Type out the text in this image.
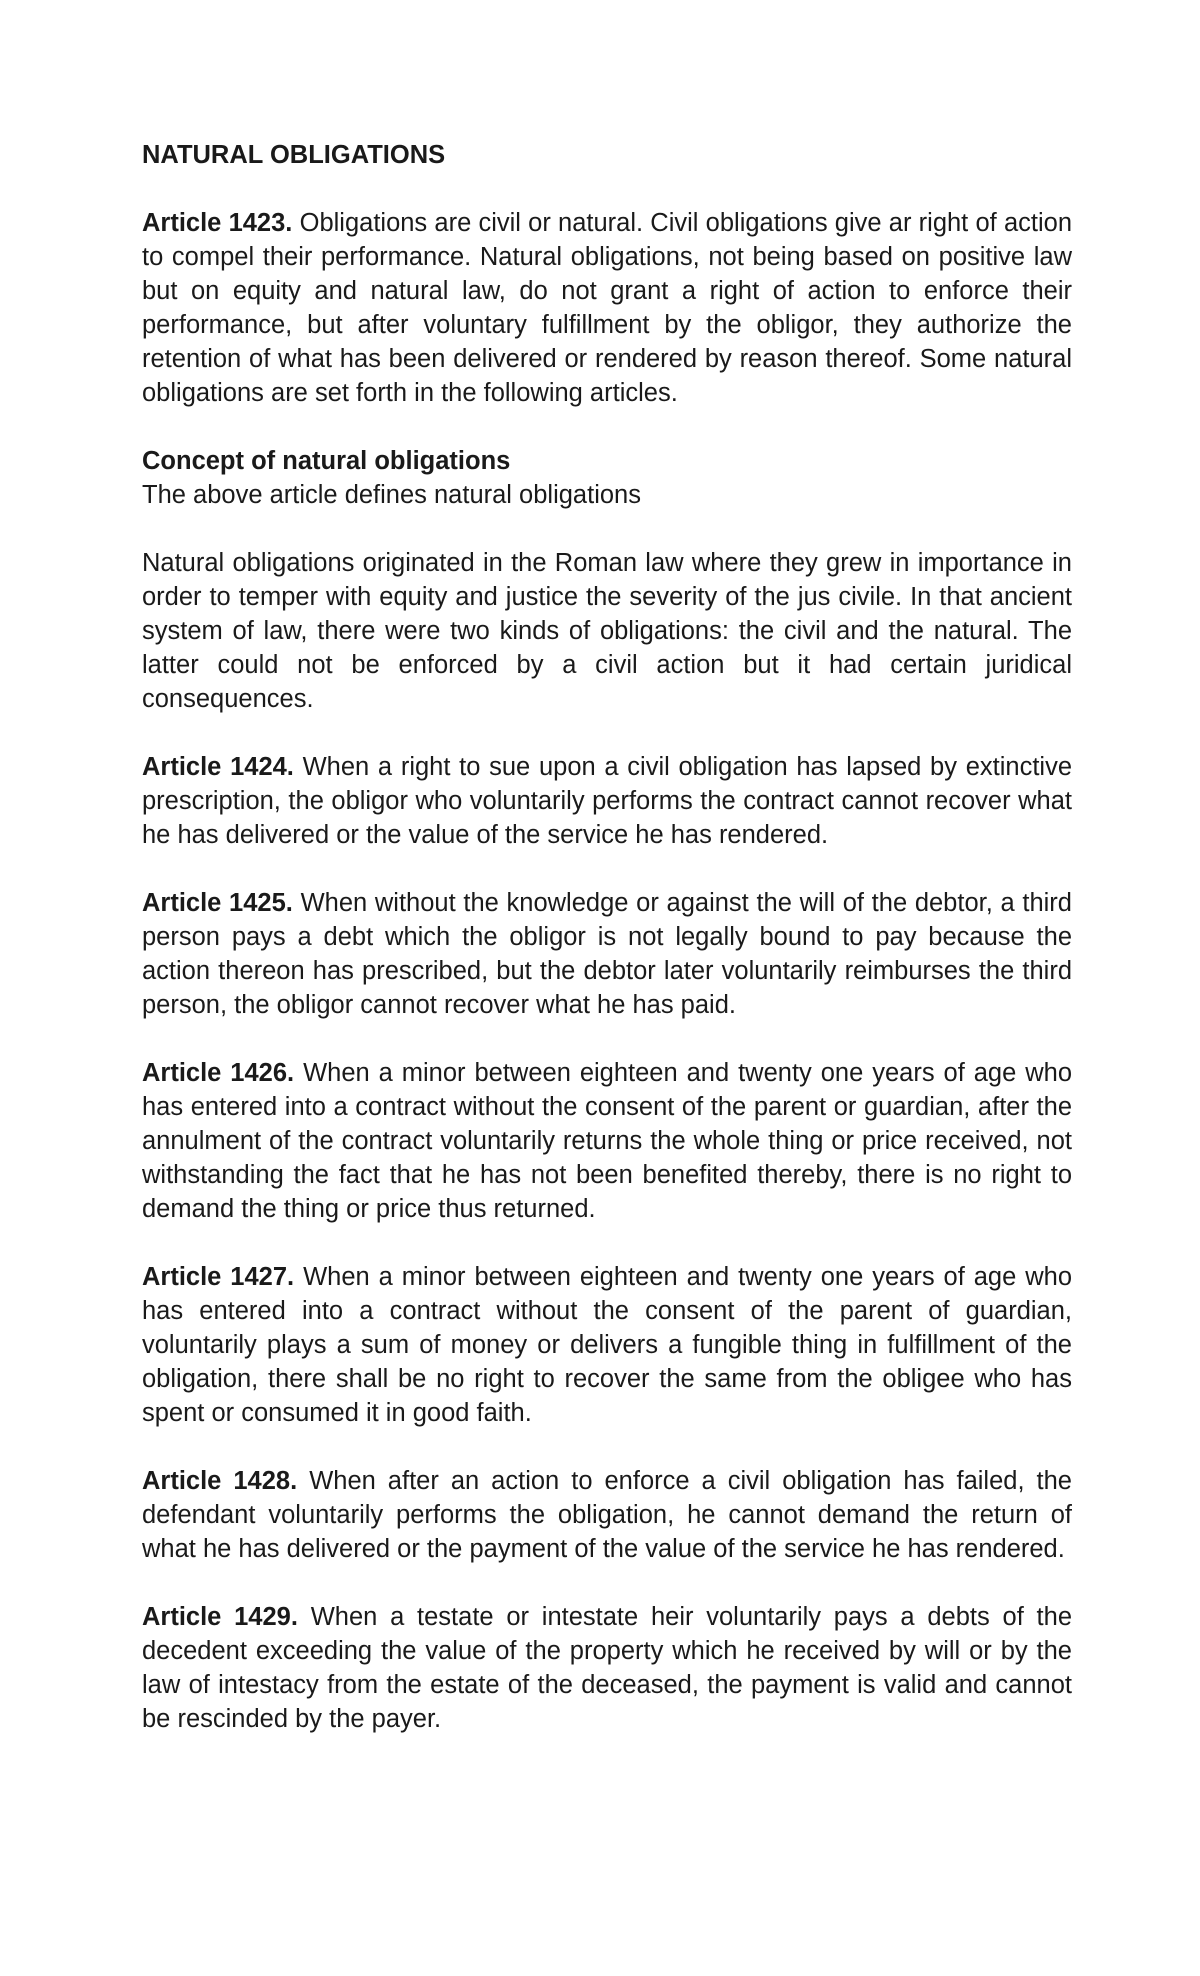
NATURAL OBLIGATIONS

Article 1423. Obligations are civil or natural. Civil obligations give ar right of action to compel their performance. Natural obligations, not being based on positive law but on equity and natural law, do not grant a right of action to enforce their performance, but after voluntary fulfillment by the obligor, they authorize the retention of what has been delivered or rendered by reason thereof. Some natural obligations are set forth in the following articles.

Concept of natural obligations
The above article defines natural obligations

Natural obligations originated in the Roman law where they grew in importance in order to temper with equity and justice the severity of the jus civile. In that ancient system of law, there were two kinds of obligations: the civil and the natural. The latter could not be enforced by a civil action but it had certain juridical consequences.

Article 1424. When a right to sue upon a civil obligation has lapsed by extinctive prescription, the obligor who voluntarily performs the contract cannot recover what he has delivered or the value of the service he has rendered.

Article 1425. When without the knowledge or against the will of the debtor, a third person pays a debt which the obligor is not legally bound to pay because the action thereon has prescribed, but the debtor later voluntarily reimburses the third person, the obligor cannot recover what he has paid.

Article 1426. When a minor between eighteen and twenty one years of age who has entered into a contract without the consent of the parent or guardian, after the annulment of the contract voluntarily returns the whole thing or price received, not withstanding the fact that he has not been benefited thereby, there is no right to demand the thing or price thus returned.

Article 1427. When a minor between eighteen and twenty one years of age who has entered into a contract without the consent of the parent of guardian, voluntarily plays a sum of money or delivers a fungible thing in fulfillment of the obligation, there shall be no right to recover the same from the obligee who has spent or consumed it in good faith.

Article 1428. When after an action to enforce a civil obligation has failed, the defendant voluntarily performs the obligation, he cannot demand the return of what he has delivered or the payment of the value of the service he has rendered.

Article 1429. When a testate or intestate heir voluntarily pays a debts of the decedent exceeding the value of the property which he received by will or by the law of intestacy from the estate of the deceased, the payment is valid and cannot be rescinded by the payer.
